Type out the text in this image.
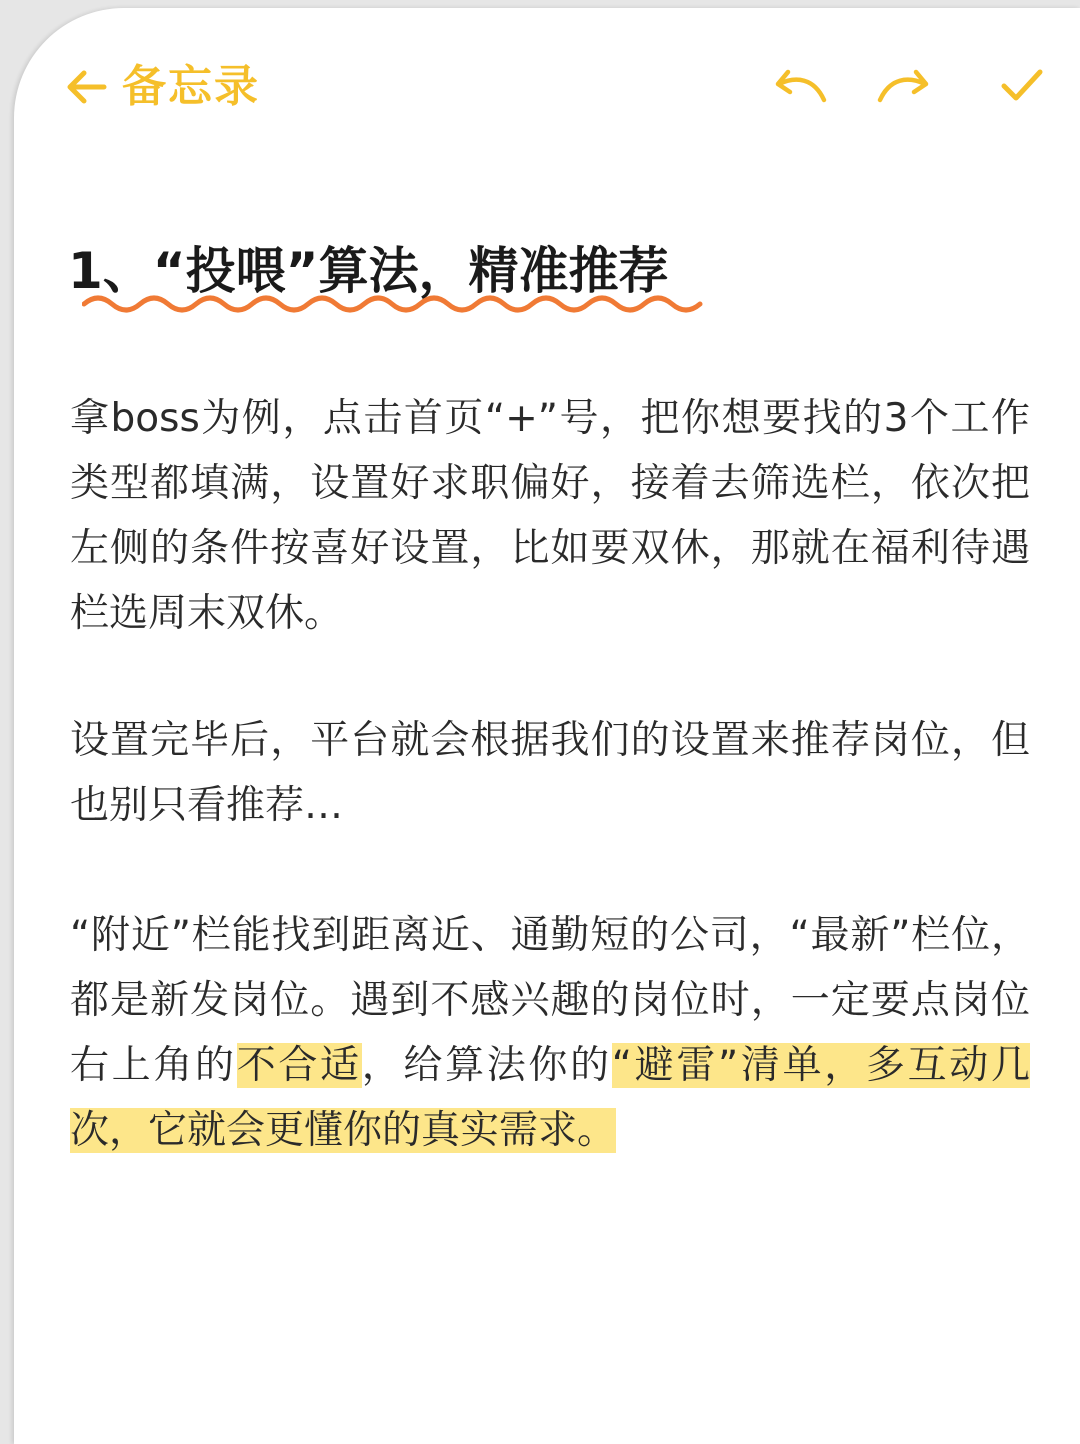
备忘录
1、“投喂”算法，精准推荐

拿boss为例，点击首页“+”号，把你想要找的3个工作类型都填满，设置好求职偏好，接着去筛选栏，依次把左侧的条件按喜好设置，比如要双休，那就在福利待遇栏选周末双休。

设置完毕后，平台就会根据我们的设置来推荐岗位，但也别只看推荐…

“附近”栏能找到距离近、通勤短的公司，“最新”栏位，都是新发岗位。遇到不感兴趣的岗位时，一定要点岗位右上角的不合适，给算法你的“避雷”清单，多互动几次，它就会更懂你的真实需求。
